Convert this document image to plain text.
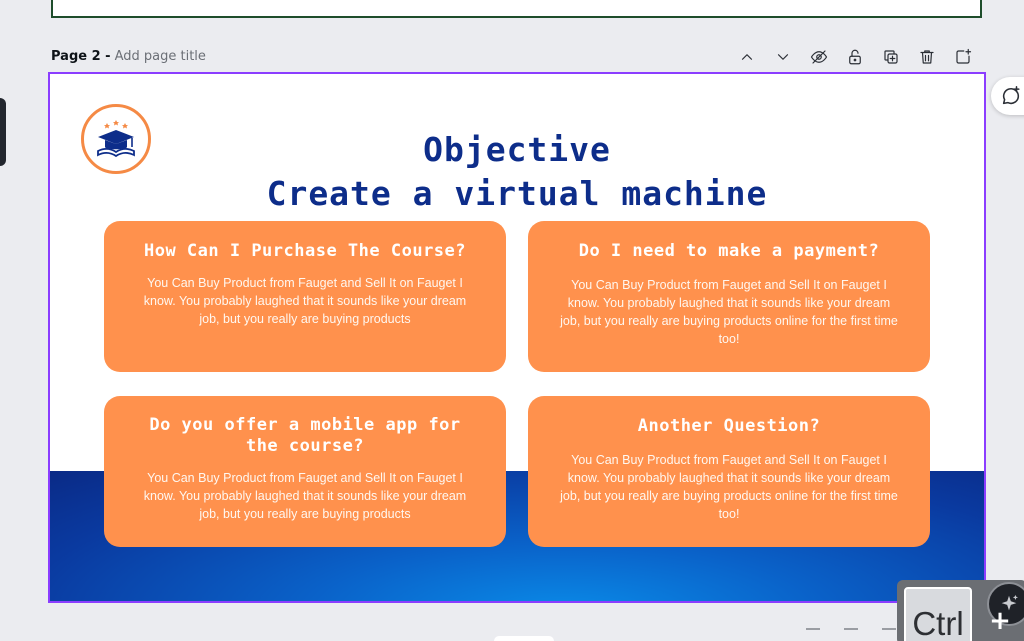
Page 2 - Add page title
Objective
Create a virtual machine
How Can I Purchase The Course?

You Can Buy Product from Fauget and Sell It on Fauget I know. You probably laughed that it sounds like your dream job, but you really are buying products

Do I need to make a payment?

You Can Buy Product from Fauget and Sell It on Fauget I know. You probably laughed that it sounds like your dream job, but you really are buying products online for the first time too!

Do you offer a mobile app for the course?

You Can Buy Product from Fauget and Sell It on Fauget I know. You probably laughed that it sounds like your dream job, but you really are buying products

Another Question?

You Can Buy Product from Fauget and Sell It on Fauget I know. You probably laughed that it sounds like your dream job, but you really are buying products online for the first time too!

Ctrl +
